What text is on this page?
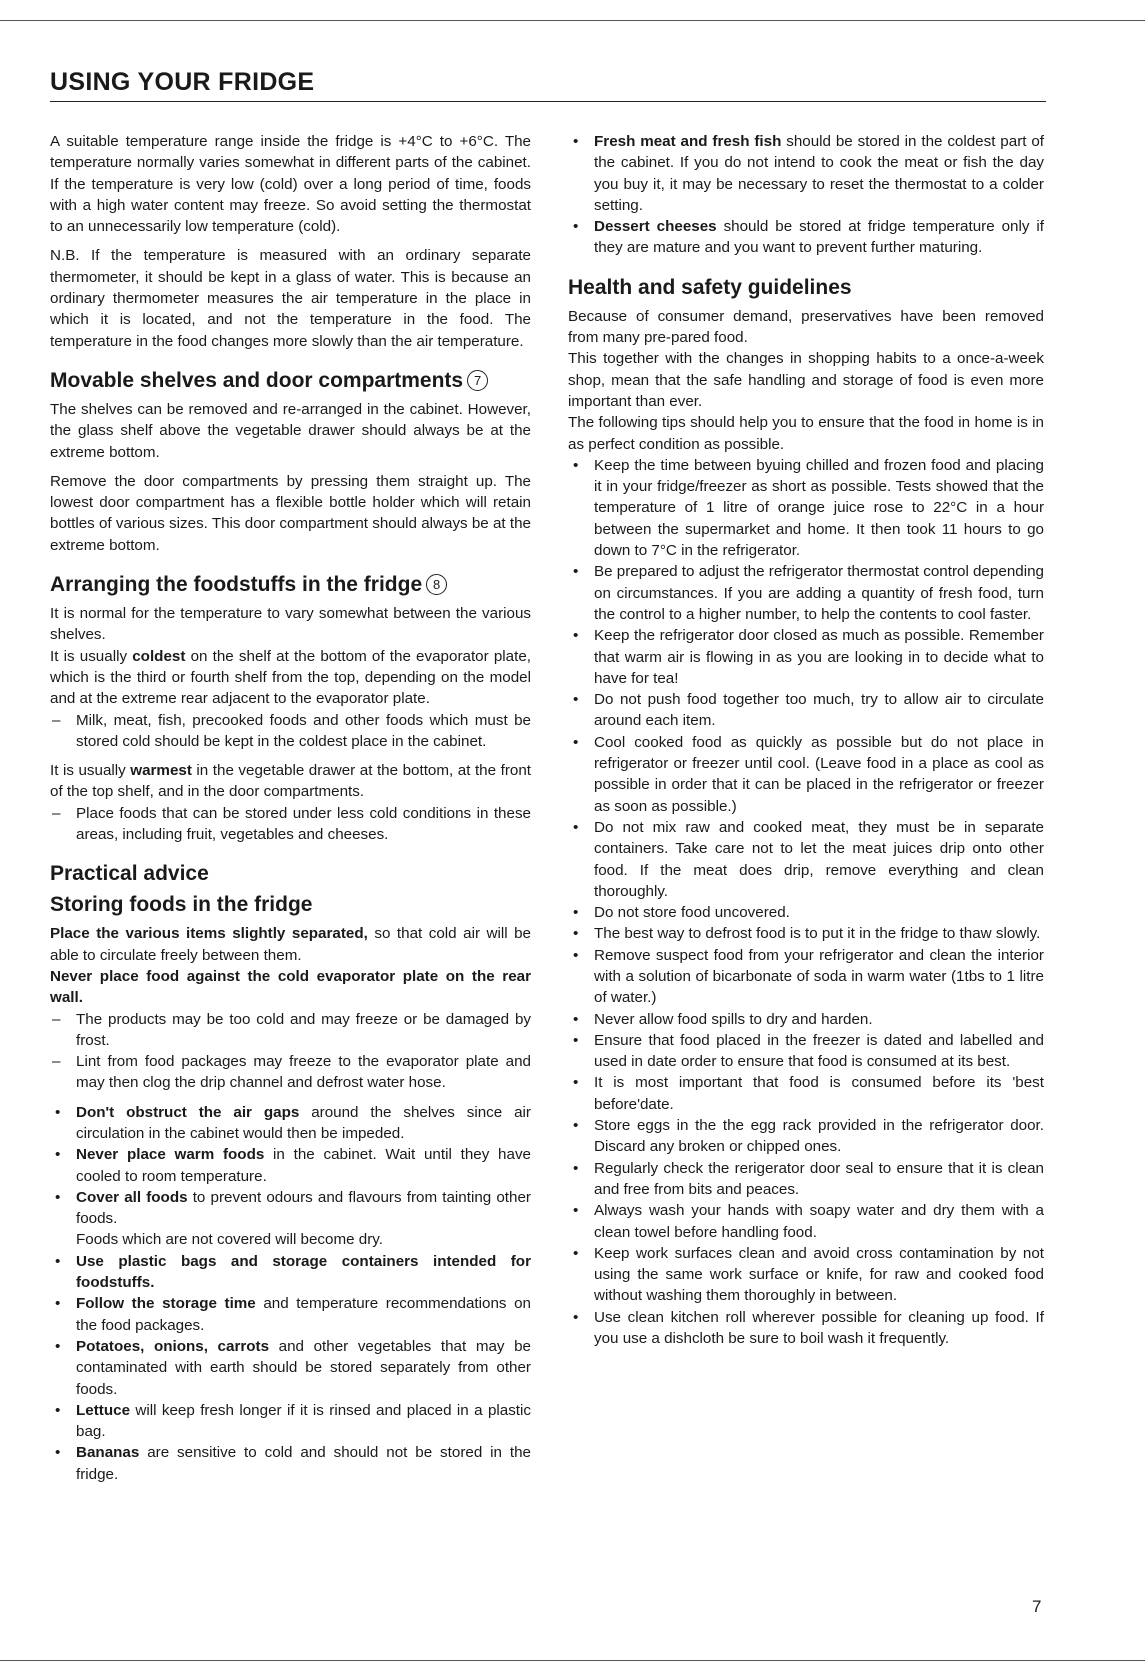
USING YOUR FRIDGE

A suitable temperature range inside the fridge is +4°C to +6°C. The temperature normally varies somewhat in different parts of the cabinet. If the temperature is very low (cold) over a long period of time, foods with a high water content may freeze. So avoid setting the thermostat to an unnecessarily low temperature (cold).

N.B. If the temperature is measured with an ordinary separate thermometer, it should be kept in a glass of water. This is because an ordinary thermometer measures the air temperature in the place in which it is located, and not the temperature in the food. The temperature in the food changes more slowly than the air temperature.

Movable shelves and door compartments 7

The shelves can be removed and re-arranged in the cabinet. However, the glass shelf above the vegetable drawer should always be at the extreme bottom.

Remove the door compartments by pressing them straight up. The lowest door compartment has a flexible bottle holder which will retain bottles of various sizes. This door compartment should always be at the extreme bottom.

Arranging the foodstuffs in the fridge 8

It is normal for the temperature to vary somewhat between the various shelves.

It is usually coldest on the shelf at the bottom of the evaporator plate, which is the third or fourth shelf from the top, depending on the model and at the extreme rear adjacent to the evaporator plate.

– Milk, meat, fish, precooked foods and other foods which must be stored cold should be kept in the coldest place in the cabinet.

It is usually warmest in the vegetable drawer at the bottom, at the front of the top shelf, and in the door compartments.

– Place foods that can be stored under less cold conditions in these areas, including fruit, vegetables and cheeses.
Practical advice
Storing foods in the fridge

Place the various items slightly separated, so that cold air will be able to circulate freely between them.

Never place food against the cold evaporator plate on the rear wall.

– The products may be too cold and may freeze or be damaged by frost.
– Lint from food packages may freeze to the evaporator plate and may then clog the drip channel and defrost water hose.
• Don't obstruct the air gaps around the shelves since air circulation in the cabinet would then be impeded.
• Never place warm foods in the cabinet. Wait until they have cooled to room temperature.
• Cover all foods to prevent odours and flavours from tainting other foods.
Foods which are not covered will become dry.
• Use plastic bags and storage containers intended for foodstuffs.
• Follow the storage time and temperature recommendations on the food packages.
• Potatoes, onions, carrots and other vegetables that may be contaminated with earth should be stored separately from other foods.
• Lettuce will keep fresh longer if it is rinsed and placed in a plastic bag.
• Bananas are sensitive to cold and should not be stored in the fridge.
• Fresh meat and fresh fish should be stored in the coldest part of the cabinet. If you do not intend to cook the meat or fish the day you buy it, it may be necessary to reset the thermostat to a colder setting.
• Dessert cheeses should be stored at fridge temperature only if they are mature and you want to prevent further maturing.
Health and safety guidelines

Because of consumer demand, preservatives have been removed from many pre-pared food.

This together with the changes in shopping habits to a once-a-week shop, mean that the safe handling and storage of food is even more important than ever.

The following tips should help you to ensure that the food in home is in as perfect condition as possible.

• Keep the time between byuing chilled and frozen food and placing it in your fridge/freezer as short as possible. Tests showed that the temperature of 1 litre of orange juice rose to 22°C in a hour between the supermarket and home. It then took 11 hours to go down to 7°C in the refrigerator.
• Be prepared to adjust the refrigerator thermostat control depending on circumstances. If you are adding a quantity of fresh food, turn the control to a higher number, to help the contents to cool faster.
• Keep the refrigerator door closed as much as possible. Remember that warm air is flowing in as you are looking in to decide what to have for tea!
• Do not push food together too much, try to allow air to circulate around each item.
• Cool cooked food as quickly as possible but do not place in refrigerator or freezer until cool. (Leave food in a place as cool as possible in order that it can be placed in the refrigerator or freezer as soon as possible.)
• Do not mix raw and cooked meat, they must be in separate containers. Take care not to let the meat juices drip onto other food. If the meat does drip, remove everything and clean thoroughly.
• Do not store food uncovered.
• The best way to defrost food is to put it in the fridge to thaw slowly.
• Remove suspect food from your refrigerator and clean the interior with a solution of bicarbonate of soda in warm water (1tbs to 1 litre of water.)
• Never allow food spills to dry and harden.
• Ensure that food placed in the freezer is dated and labelled and used in date order to ensure that food is consumed at its best.
• It is most important that food is consumed before its 'best before'date.
• Store eggs in the the egg rack provided in the refrigerator door. Discard any broken or chipped ones.
• Regularly check the rerigerator door seal to ensure that it is clean and free from bits and peaces.
• Always wash your hands with soapy water and dry them with a clean towel before handling food.
• Keep work surfaces clean and avoid cross contamination by not using the same work surface or knife, for raw and cooked food without washing them thoroughly in between.
• Use clean kitchen roll wherever possible for cleaning up food. If you use a dishcloth be sure to boil wash it frequently.
7
